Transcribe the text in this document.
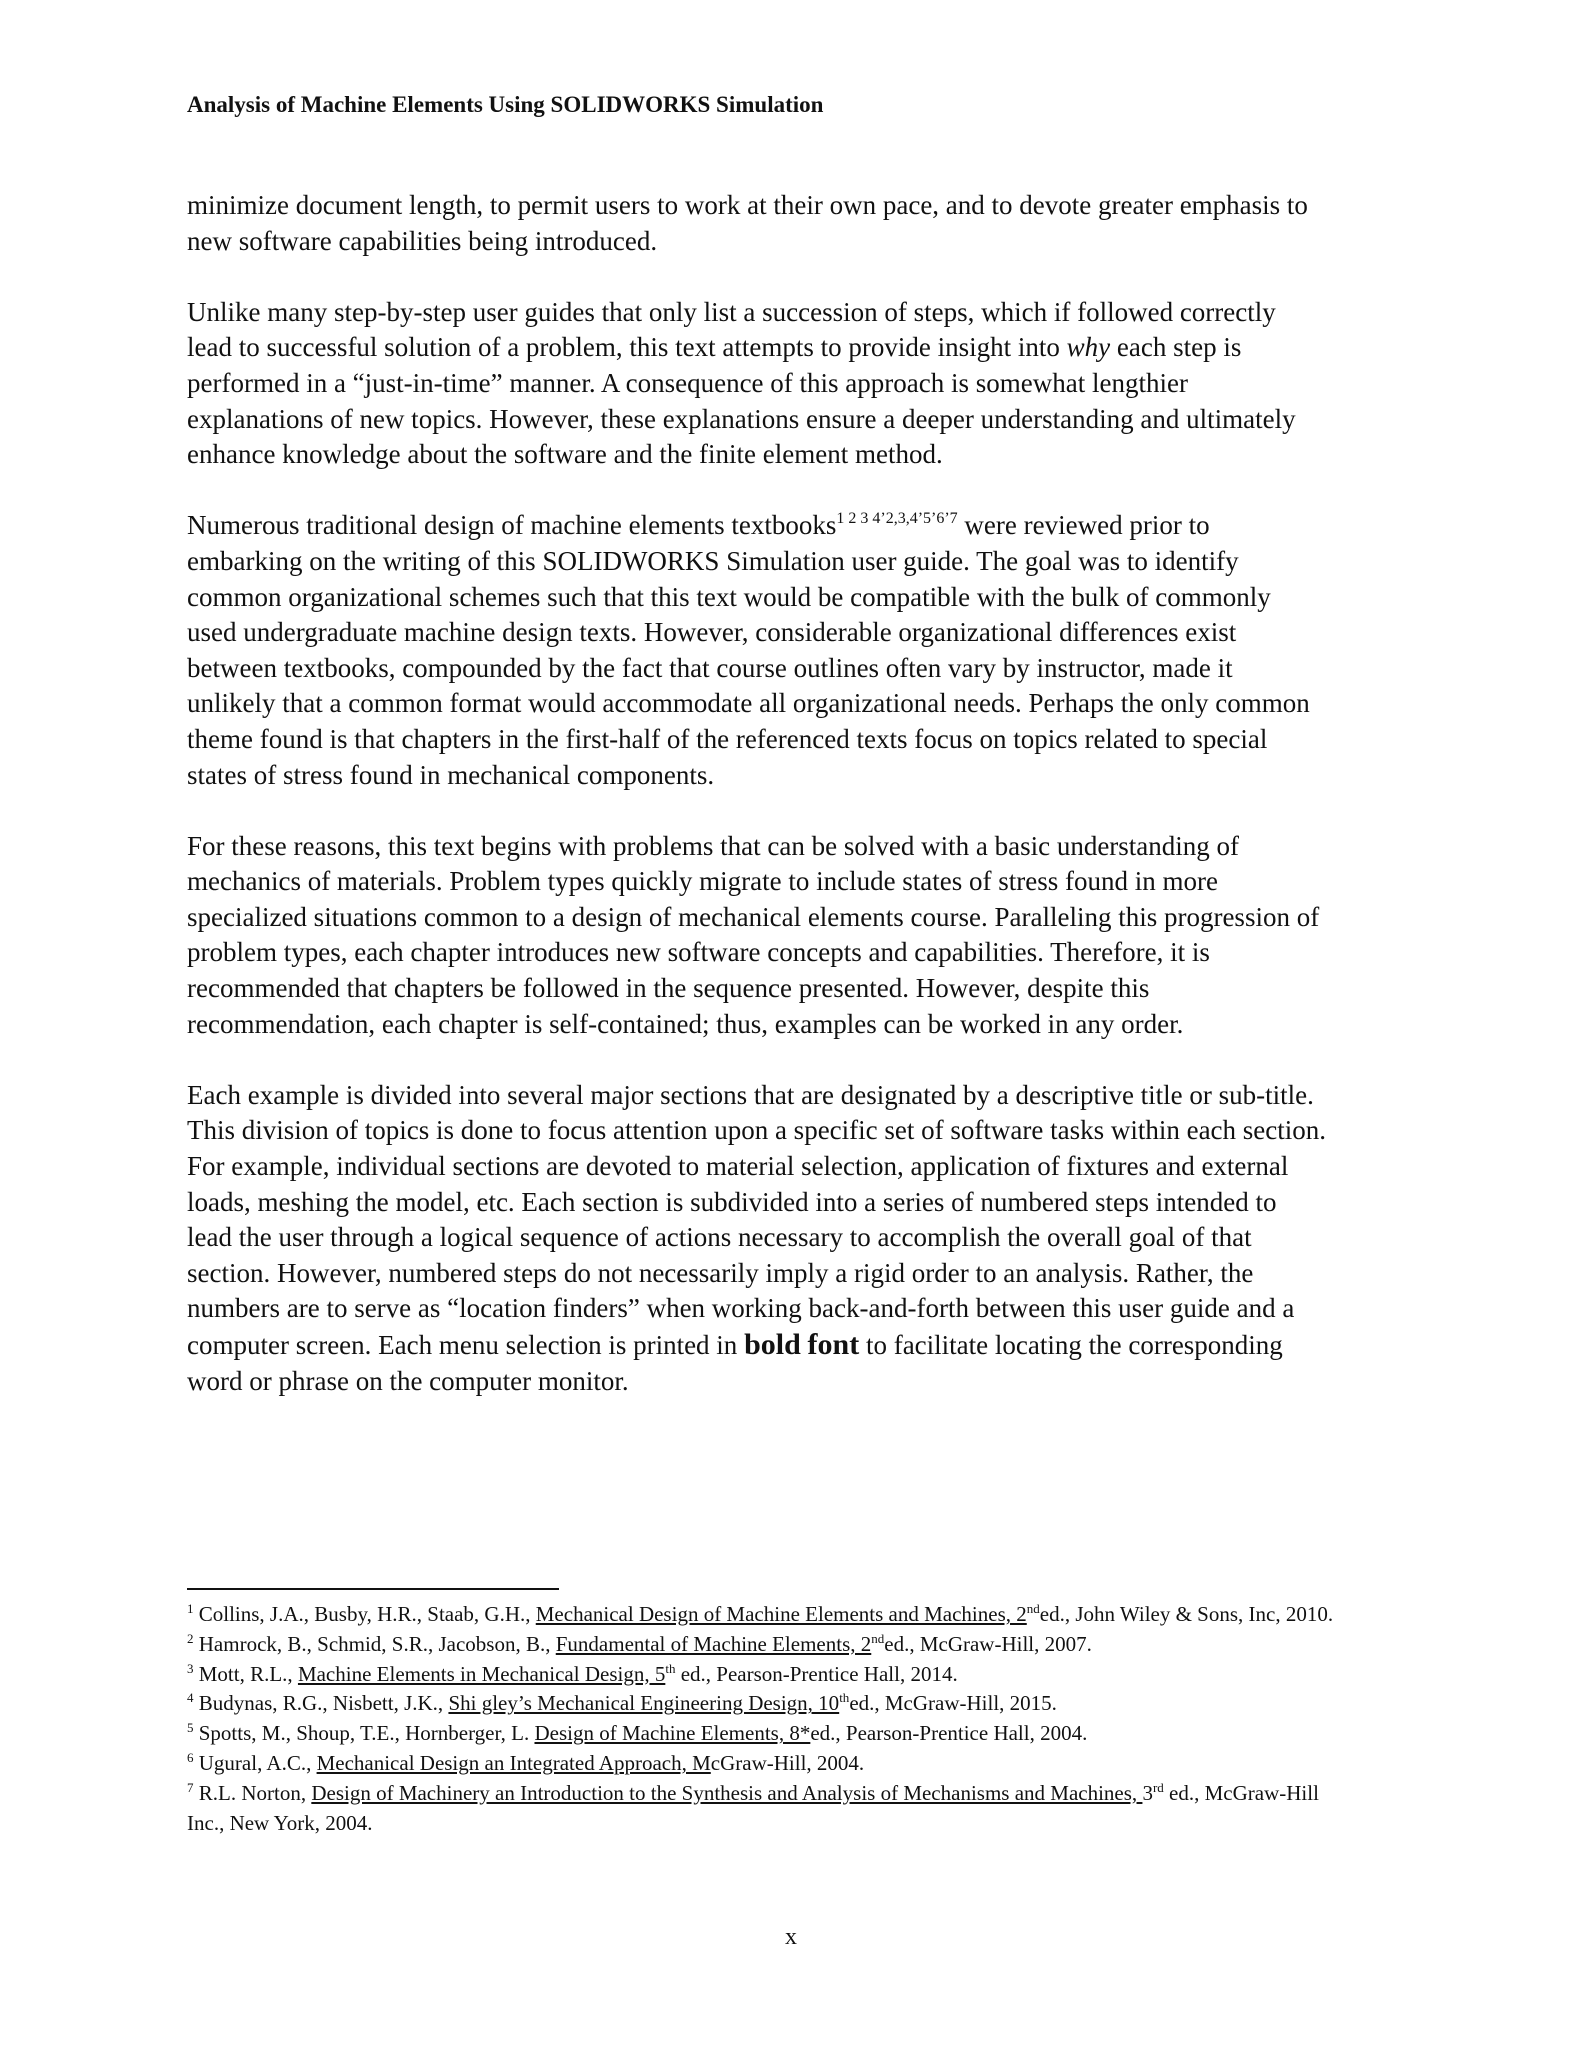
Analysis of Machine Elements Using SOLIDWORKS Simulation

minimize document length, to permit users to work at their own pace, and to devote greater emphasis to new software capabilities being introduced.

Unlike many step-by-step user guides that only list a succession of steps, which if followed correctly lead to successful solution of a problem, this text attempts to provide insight into why each step is performed in a “just-in-time” manner. A consequence of this approach is somewhat lengthier explanations of new topics. However, these explanations ensure a deeper understanding and ultimately enhance knowledge about the software and the finite element method.

Numerous traditional design of machine elements textbooks$^{1 2 3 4’2,3,4’5’6’7}$ were reviewed prior to embarking on the writing of this SOLIDWORKS Simulation user guide. The goal was to identify common organizational schemes such that this text would be compatible with the bulk of commonly used undergraduate machine design texts. However, considerable organizational differences exist between textbooks, compounded by the fact that course outlines often vary by instructor, made it unlikely that a common format would accommodate all organizational needs. Perhaps the only common theme found is that chapters in the first-half of the referenced texts focus on topics related to special states of stress found in mechanical components.

For these reasons, this text begins with problems that can be solved with a basic understanding of mechanics of materials. Problem types quickly migrate to include states of stress found in more specialized situations common to a design of mechanical elements course. Paralleling this progression of problem types, each chapter introduces new software concepts and capabilities. Therefore, it is recommended that chapters be followed in the sequence presented. However, despite this recommendation, each chapter is self-contained; thus, examples can be worked in any order.

Each example is divided into several major sections that are designated by a descriptive title or sub-title. This division of topics is done to focus attention upon a specific set of software tasks within each section. For example, individual sections are devoted to material selection, application of fixtures and external loads, meshing the model, etc. Each section is subdivided into a series of numbered steps intended to lead the user through a logical sequence of actions necessary to accomplish the overall goal of that section. However, numbered steps do not necessarily imply a rigid order to an analysis. Rather, the numbers are to serve as “location finders” when working back-and-forth between this user guide and a computer screen. Each menu selection is printed in bold font to facilitate locating the corresponding word or phrase on the computer monitor.

$^1$ Collins, J.A., Busby, H.R., Staab, G.H., Mechanical Design of Machine Elements and Machines, 2nded., John Wiley & Sons, Inc, 2010.
$^2$ Hamrock, B., Schmid, S.R., Jacobson, B., Fundamental of Machine Elements, 2nded., McGraw-Hill, 2007.
$^3$ Mott, R.L., Machine Elements in Mechanical Design, 5th ed., Pearson-Prentice Hall, 2014.
$^4$ Budynas, R.G., Nisbett, J.K., Shi gley’s Mechanical Engineering Design, 10thed., McGraw-Hill, 2015.
$^5$ Spotts, M., Shoup, T.E., Hornberger, L. Design of Machine Elements, 8*ed., Pearson-Prentice Hall, 2004.
$^6$ Ugural, A.C., Mechanical Design an Integrated Approach, McGraw-Hill, 2004.
$^7$ R.L. Norton, Design of Machinery an Introduction to the Synthesis and Analysis of Mechanisms and Machines, 3rd ed., McGraw-Hill Inc., New York, 2004.
x
